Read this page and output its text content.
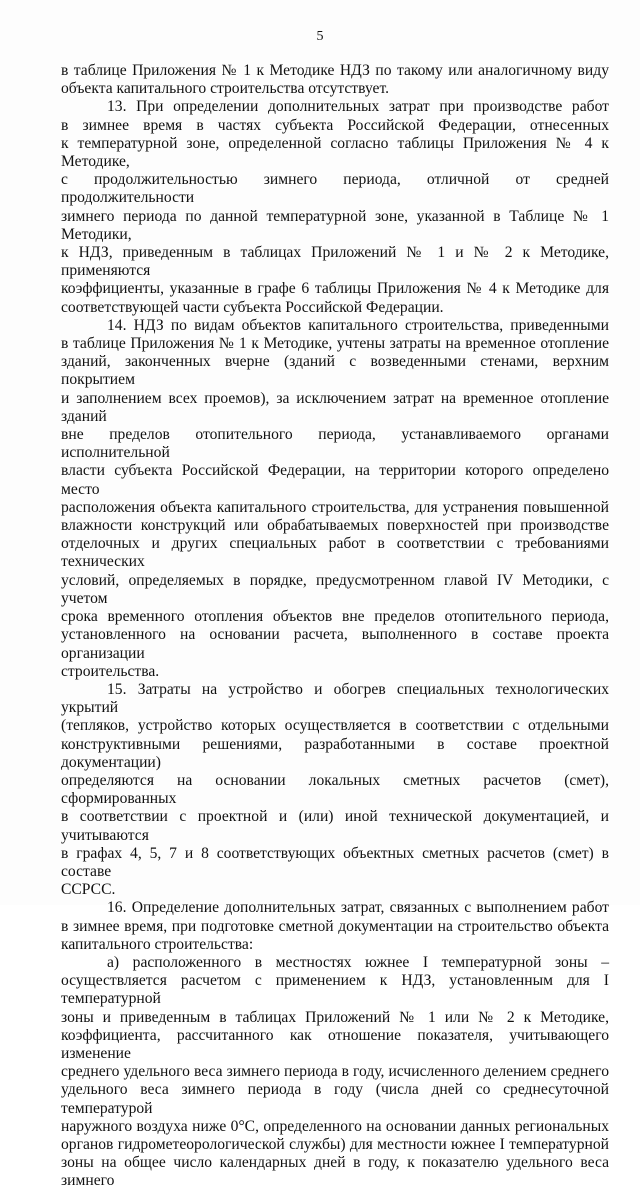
5

в таблице Приложения № 1 к Методике НДЗ по такому или аналогичному виду

объекта капитального строительства отсутствует.

13. При определении дополнительных затрат при производстве работ

в зимнее время в частях субъекта Российской Федерации, отнесенных

к температурной зоне, определенной согласно таблицы Приложения № 4 к Методике,

с продолжительностью зимнего периода, отличной от средней продолжительности

зимнего периода по данной температурной зоне, указанной в Таблице № 1 Методики,

к НДЗ, приведенным в таблицах Приложений № 1 и № 2 к Методике, применяются

коэффициенты, указанные в графе 6 таблицы Приложения № 4 к Методике для

соответствующей части субъекта Российской Федерации.

14. НДЗ по видам объектов капитального строительства, приведенными

в таблице Приложения № 1 к Методике, учтены затраты на временное отопление

зданий, законченных вчерне (зданий с возведенными стенами, верхним покрытием

и заполнением всех проемов), за исключением затрат на временное отопление зданий

вне пределов отопительного периода, устанавливаемого органами исполнительной

власти субъекта Российской Федерации, на территории которого определено место

расположения объекта капитального строительства, для устранения повышенной

влажности конструкций или обрабатываемых поверхностей при производстве

отделочных и других специальных работ в соответствии с требованиями технических

условий, определяемых в порядке, предусмотренном главой IV Методики, с учетом

срока временного отопления объектов вне пределов отопительного периода,

установленного на основании расчета, выполненного в составе проекта организации

строительства.

15. Затраты на устройство и обогрев специальных технологических укрытий

(тепляков, устройство которых осуществляется в соответствии с отдельными

конструктивными решениями, разработанными в составе проектной документации)

определяются на основании локальных сметных расчетов (смет), сформированных

в соответствии с проектной и (или) иной технической документацией, и учитываются

в графах 4, 5, 7 и 8 соответствующих объектных сметных расчетов (смет) в составе

ССРСС.

16. Определение дополнительных затрат, связанных с выполнением работ

в зимнее время, при подготовке сметной документации на строительство объекта

капитального строительства:

а) расположенного в местностях южнее I температурной зоны –

осуществляется расчетом с применением к НДЗ, установленным для I температурной

зоны и приведенным в таблицах Приложений № 1 или № 2 к Методике,

коэффициента, рассчитанного как отношение показателя, учитывающего изменение

среднего удельного веса зимнего периода в году, исчисленного делением среднего

удельного веса зимнего периода в году (числа дней со среднесуточной температурой

наружного воздуха ниже 0°С, определенного на основании данных региональных

органов гидрометеорологической службы) для местности южнее I температурной

зоны на общее число календарных дней в году, к показателю удельного веса зимнего
